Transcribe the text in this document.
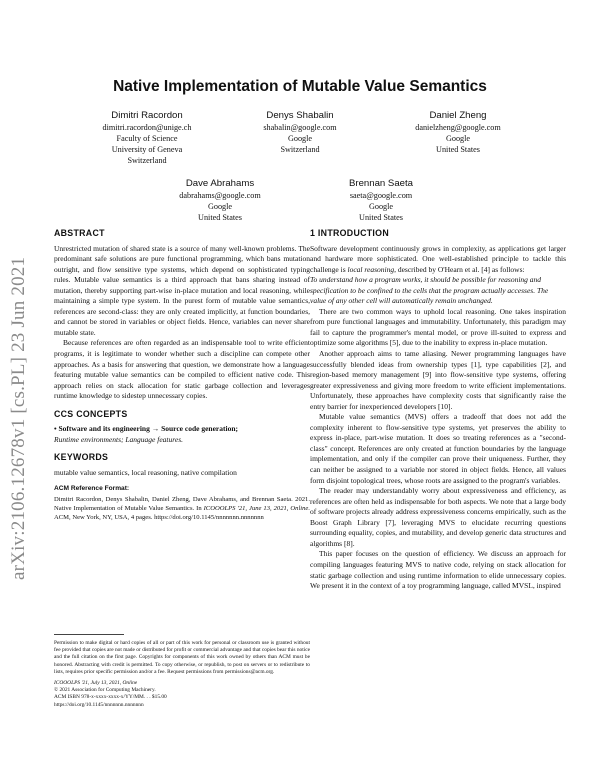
arXiv:2106.12678v1 [cs.PL] 23 Jun 2021
Native Implementation of Mutable Value Semantics
Dimitri Racordon
dimitri.racordon@unige.ch
Faculty of Science
University of Geneva
Switzerland
Denys Shabalin
shabalin@google.com
Google
Switzerland
Daniel Zheng
danielzheng@google.com
Google
United States
Dave Abrahams
dabrahams@google.com
Google
United States
Brennan Saeta
saeta@google.com
Google
United States
ABSTRACT

Unrestricted mutation of shared state is a source of many well-known problems. The predominant safe solutions are pure functional programming, which bans mutation outright, and flow sensitive type systems, which depend on sophisticated typing rules. Mutable value semantics is a third approach that bans sharing instead of mutation, thereby supporting part-wise in-place mutation and local reasoning, while maintaining a simple type system. In the purest form of mutable value semantics, references are second-class: they are only created implicitly, at function boundaries, and cannot be stored in variables or object fields. Hence, variables can never share mutable state.

Because references are often regarded as an indispensable tool to write efficient programs, it is legitimate to wonder whether such a discipline can compete other approaches. As a basis for answering that question, we demonstrate how a language featuring mutable value semantics can be compiled to efficient native code. This approach relies on stack allocation for static garbage collection and leverages runtime knowledge to sidestep unnecessary copies.

CCS CONCEPTS

• Software and its engineering → Source code generation;

Runtime environments; Language features.

KEYWORDS

mutable value semantics, local reasoning, native compilation

ACM Reference Format:

Dimitri Racordon, Denys Shabalin, Daniel Zheng, Dave Abrahams, and Brennan Saeta. 2021. Native Implementation of Mutable Value Semantics. In ICOOOLPS '21, June 13, 2021, Online. ACM, New York, NY, USA, 4 pages. https://doi.org/10.1145/nnnnnnn.nnnnnnn

Permission to make digital or hard copies of all or part of this work for personal or classroom use is granted without fee provided that copies are not made or distributed for profit or commercial advantage and that copies bear this notice and the full citation on the first page. Copyrights for components of this work owned by others than ACM must be honored. Abstracting with credit is permitted. To copy otherwise, or republish, to post on servers or to redistribute to lists, requires prior specific permission and/or a fee. Request permissions from permissions@acm.org.

ICOOOLPS '21, July 13, 2021, Online

© 2021 Association for Computing Machinery.

ACM ISBN 978-x-xxxx-xxxx-x/YY/MM. . . $15.00

https://doi.org/10.1145/nnnnnnn.nnnnnnn

1 INTRODUCTION

Software development continuously grows in complexity, as applications get larger and hardware more sophisticated. One well-established principle to tackle this challenge is local reasoning, described by O'Hearn et al. [4] as follows:

To understand how a program works, it should be possible for reasoning and specification to be confined to the cells that the program actually accesses. The value of any other cell will automatically remain unchanged.

There are two common ways to uphold local reasoning. One takes inspiration from pure functional languages and immutability. Unfortunately, this paradigm may fail to capture the programmer's mental model, or prove ill-suited to express and optimize some algorithms [5], due to the inability to express in-place mutation.

Another approach aims to tame aliasing. Newer programming languages have successfully blended ideas from ownership types [1], type capabilities [2], and region-based memory management [9] into flow-sensitive type systems, offering greater expressiveness and giving more freedom to write efficient implementations. Unfortunately, these approaches have complexity costs that significantly raise the entry barrier for inexperienced developers [10].

Mutable value semantics (MVS) offers a tradeoff that does not add the complexity inherent to flow-sensitive type systems, yet preserves the ability to express in-place, part-wise mutation. It does so treating references as a "second-class" concept. References are only created at function boundaries by the language implementation, and only if the compiler can prove their uniqueness. Further, they can neither be assigned to a variable nor stored in object fields. Hence, all values form disjoint topological trees, whose roots are assigned to the program's variables.

The reader may understandably worry about expressiveness and efficiency, as references are often held as indispensable for both aspects. We note that a large body of software projects already address expressiveness concerns empirically, such as the Boost Graph Library [7], leveraging MVS to elucidate recurring questions surrounding equality, copies, and mutability, and develop generic data structures and algorithms [8].

This paper focuses on the question of efficiency. We discuss an approach for compiling languages featuring MVS to native code, relying on stack allocation for static garbage collection and using runtime information to elide unnecessary copies. We present it in the context of a toy programming language, called MVSL, inspired
